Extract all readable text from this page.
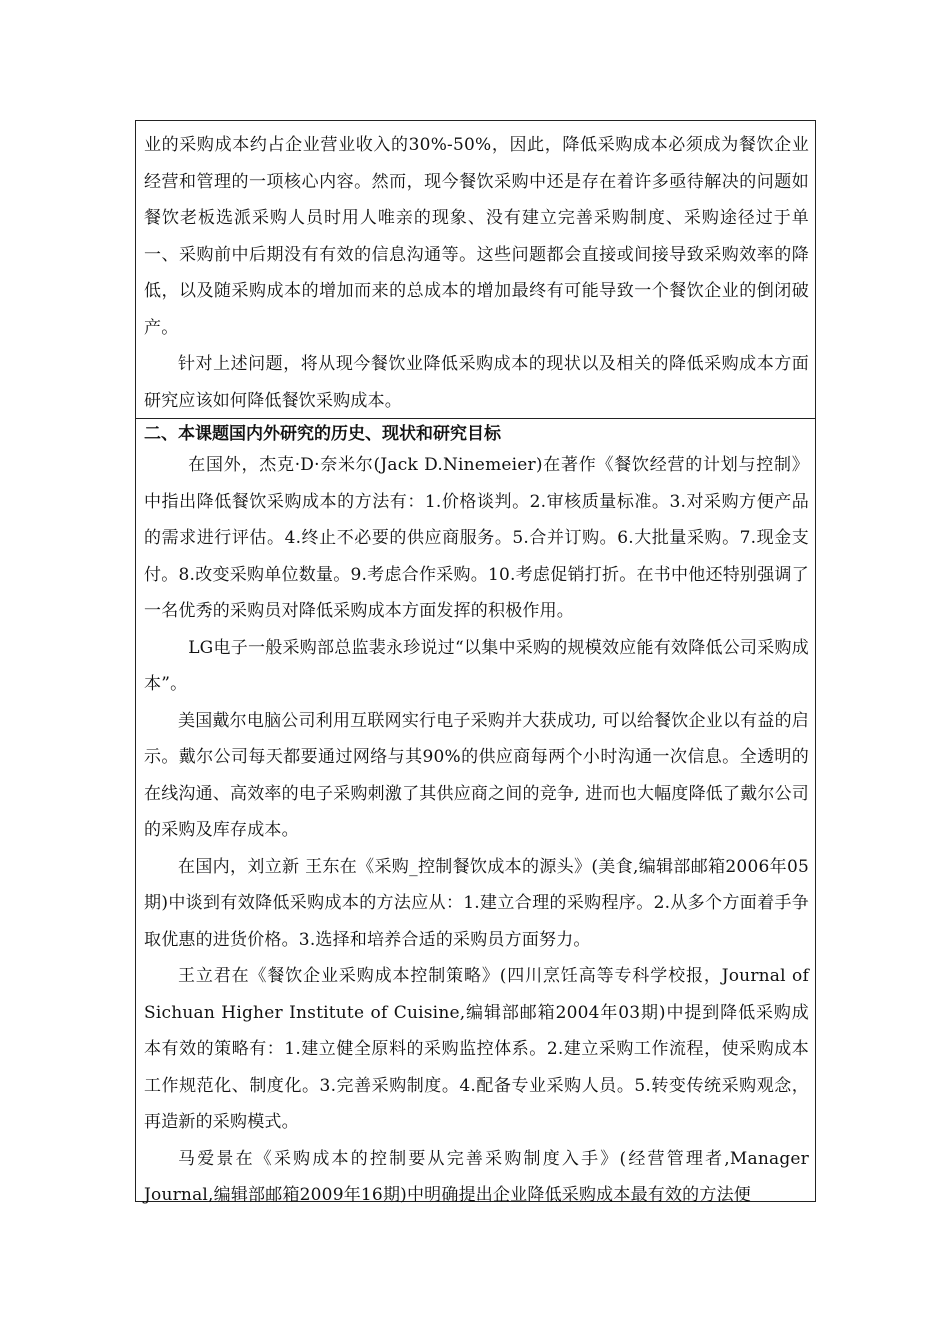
业的采购成本约占企业营业收入的30%-50%，因此，降低采购成本必须成为餐饮企业经营和管理的一项核心内容。然而，现今餐饮采购中还是存在着许多亟待解决的问题如餐饮老板选派采购人员时用人唯亲的现象、没有建立完善采购制度、采购途径过于单一、采购前中后期没有有效的信息沟通等。这些问题都会直接或间接导致采购效率的降低，以及随采购成本的增加而来的总成本的增加最终有可能导致一个餐饮企业的倒闭破产。

针对上述问题，将从现今餐饮业降低采购成本的现状以及相关的降低采购成本方面研究应该如何降低餐饮采购成本。

二、本课题国内外研究的历史、现状和研究目标

在国外，杰克·D·奈米尔(Jack D.Ninemeier)在著作《餐饮经营的计划与控制》中指出降低餐饮采购成本的方法有：1.价格谈判。2.审核质量标准。3.对采购方便产品的需求进行评估。4.终止不必要的供应商服务。5.合并订购。6.大批量采购。7.现金支付。8.改变采购单位数量。9.考虑合作采购。10.考虑促销打折。在书中他还特别强调了一名优秀的采购员对降低采购成本方面发挥的积极作用。

LG电子一般采购部总监裴永珍说过“以集中采购的规模效应能有效降低公司采购成本”。

美国戴尔电脑公司利用互联网实行电子采购并大获成功, 可以给餐饮企业以有益的启示。戴尔公司每天都要通过网络与其90%的供应商每两个小时沟通一次信息。全透明的在线沟通、高效率的电子采购刺激了其供应商之间的竞争, 进而也大幅度降低了戴尔公司的采购及库存成本。

在国内，刘立新 王东在《采购_控制餐饮成本的源头》(美食,编辑部邮箱2006年05期)中谈到有效降低采购成本的方法应从：1.建立合理的采购程序。2.从多个方面着手争取优惠的进货价格。3.选择和培养合适的采购员方面努力。

王立君在《餐饮企业采购成本控制策略》(四川烹饪高等专科学校报，Journal of Sichuan Higher Institute of Cuisine,编辑部邮箱2004年03期)中提到降低采购成本有效的策略有：1.建立健全原料的采购监控体系。2.建立采购工作流程，使采购成本工作规范化、制度化。3.完善采购制度。4.配备专业采购人员。5.转变传统采购观念，再造新的采购模式。

马爱景在《采购成本的控制要从完善采购制度入手》(经营管理者,Manager Journal,编辑部邮箱2009年16期)中明确提出企业降低采购成本最有效的方法便
